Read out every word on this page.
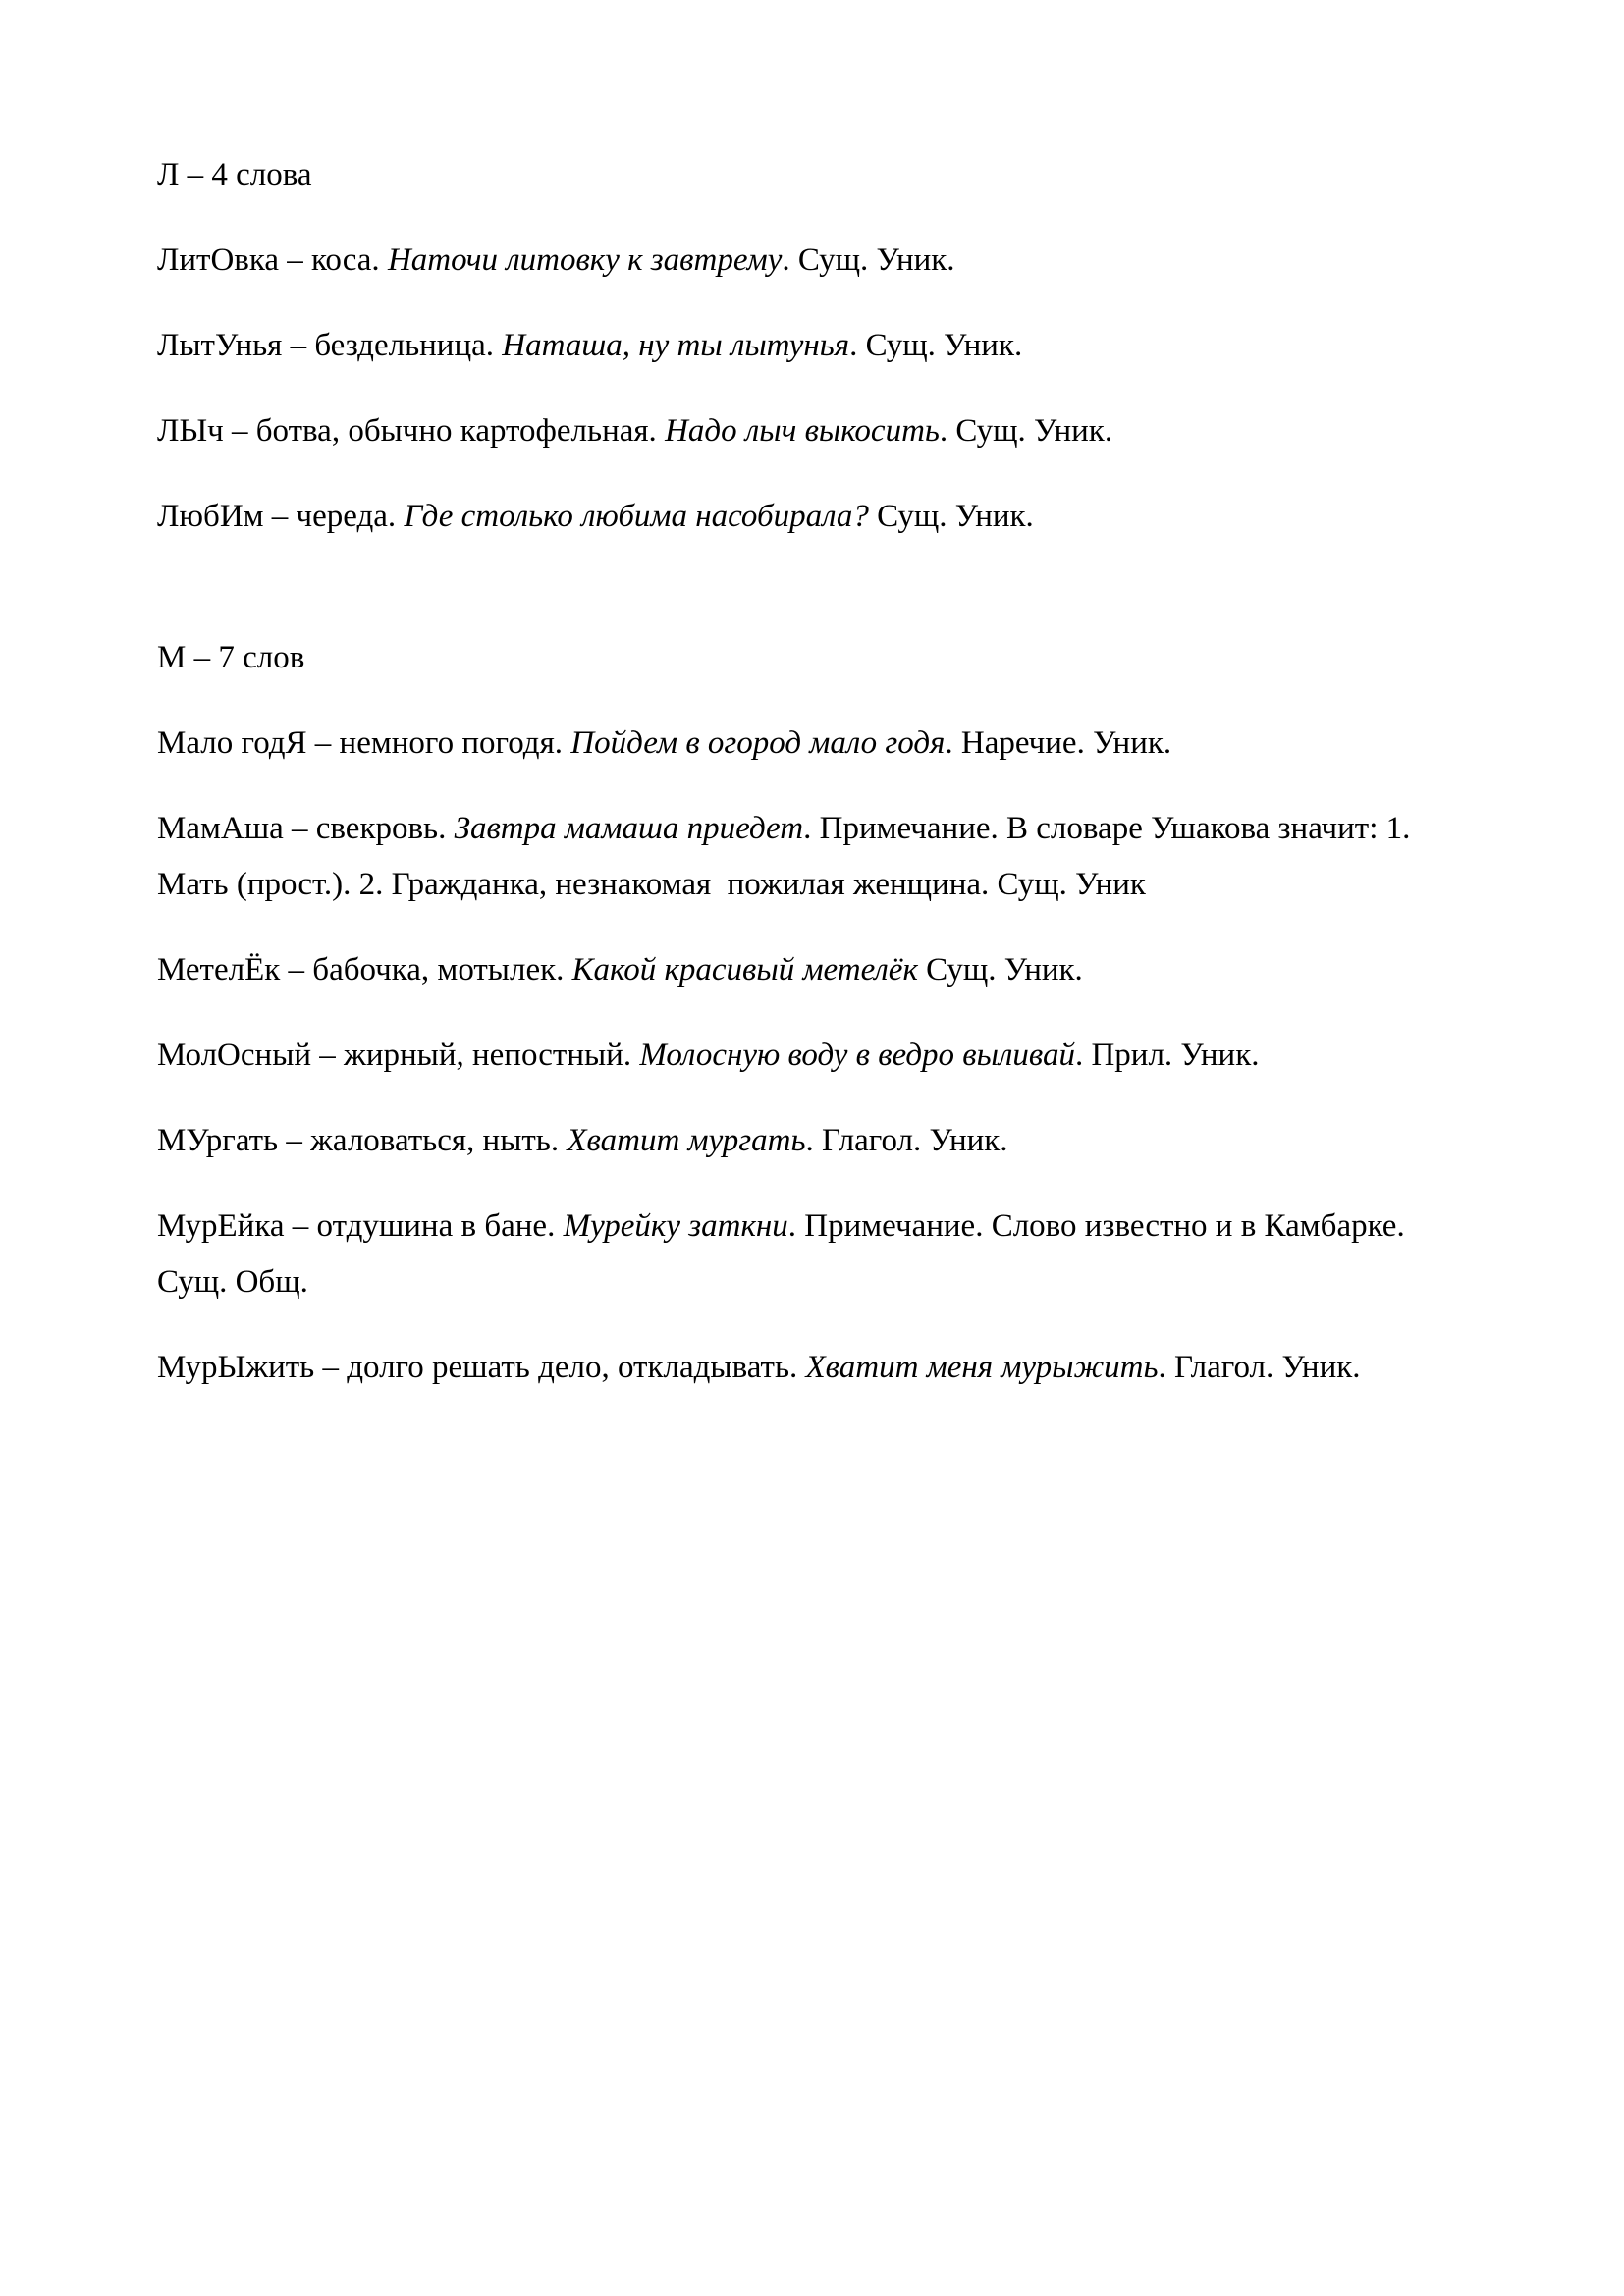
Л – 4 слова

ЛитОвка – коса. Наточи литовку к завтрему. Сущ. Уник.

ЛытУнья – бездельница. Наташа, ну ты лытунья. Сущ. Уник.

ЛЫч – ботва, обычно картофельная. Надо лыч выкосить. Сущ. Уник.

ЛюбИм – череда. Где столько любима насобирала? Сущ. Уник.

М – 7 слов

Мало годЯ – немного погодя. Пойдем в огород мало годя. Наречие. Уник.

МамАша – свекровь. Завтра мамаша приедет. Примечание. В словаре Ушакова значит: 1.
Мать (прост.). 2. Гражданка, незнакомая  пожилая женщина. Сущ. Уник

МетелЁк – бабочка, мотылек. Какой красивый метелёк Сущ. Уник.

МолОсный – жирный, непостный. Молосную воду в ведро выливай. Прил. Уник.

МУргать – жаловаться, ныть. Хватит мургать. Глагол. Уник.

МурЕйка – отдушина в бане. Мурейку заткни. Примечание. Слово известно и в Камбарке.
Сущ. Общ.

МурЫжить – долго решать дело, откладывать. Хватит меня мурыжить. Глагол. Уник.
